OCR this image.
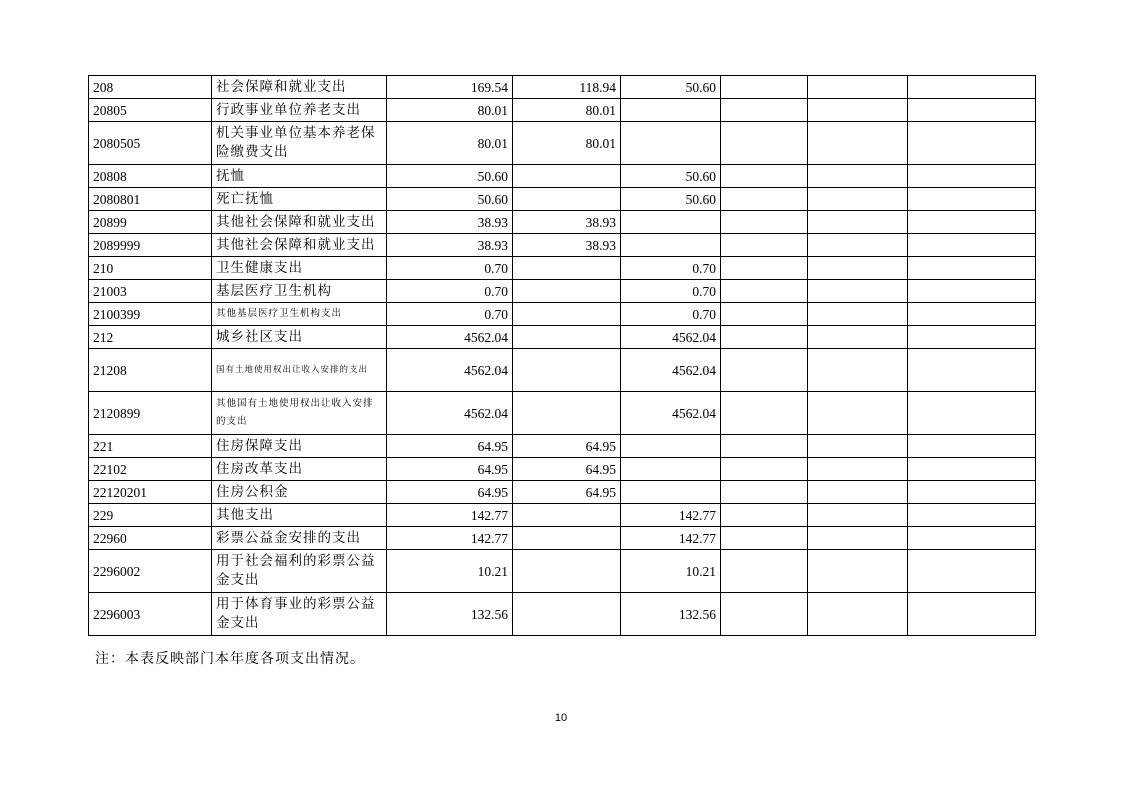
208	社会保障和就业支出	169.54	118.94	50.60			
20805	行政事业单位养老支出	80.01	80.01				
2080505	机关事业单位基本养老保险缴费支出	80.01	80.01				
20808	抚恤	50.60		50.60			
2080801	死亡抚恤	50.60		50.60			
20899	其他社会保障和就业支出	38.93	38.93				
2089999	其他社会保障和就业支出	38.93	38.93				
210	卫生健康支出	0.70		0.70			
21003	基层医疗卫生机构	0.70		0.70			
2100399	其他基层医疗卫生机构支出	0.70		0.70			
212	城乡社区支出	4562.04		4562.04			
21208	国有土地使用权出让收入安排的支出	4562.04		4562.04			
2120899	其他国有土地使用权出让收入安排的支出	4562.04		4562.04			
221	住房保障支出	64.95	64.95				
22102	住房改革支出	64.95	64.95				
22120201	住房公积金	64.95	64.95				
229	其他支出	142.77		142.77			
22960	彩票公益金安排的支出	142.77		142.77			
2296002	用于社会福利的彩票公益金支出	10.21		10.21			
2296003	用于体育事业的彩票公益金支出	132.56		132.56			
注：本表反映部门本年度各项支出情况。
10
